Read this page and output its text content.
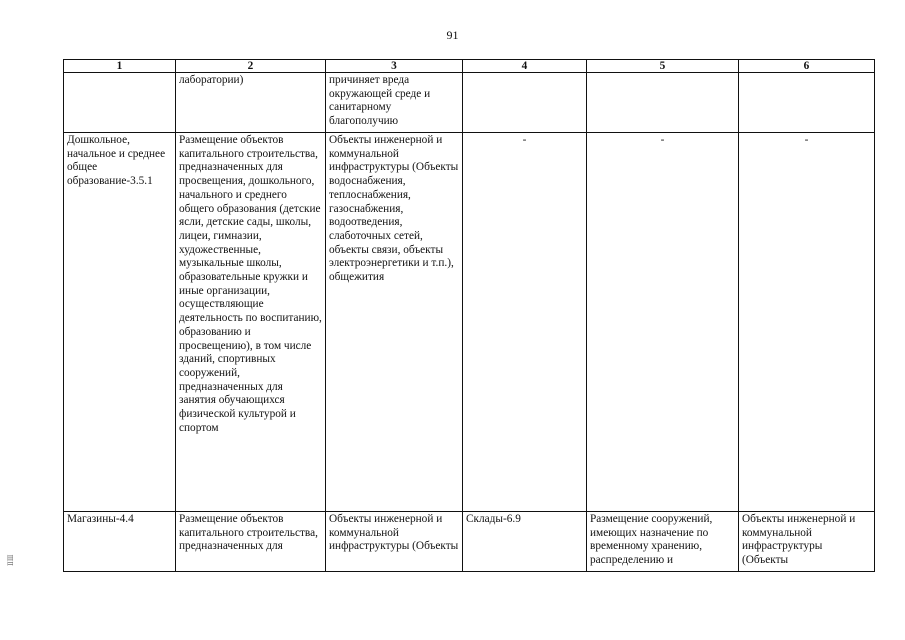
91
ⅡⅢ
1	2	3	4	5	6
	лаборатории)	причиняет вреда окружающей среде и санитарному благополучию			
Дошкольное, начальное и среднее общее образование-3.5.1	Размещение объектов капитального строительства, предназначенных для просвещения, дошкольного, начального и среднего общего образования (детские ясли, детские сады, школы, лицеи, гимназии, художественные, музыкальные школы, образовательные кружки и иные организации, осуществляющие деятельность по воспитанию, образованию и просвещению), в том числе зданий, спортивных сооружений, предназначенных для занятия обучающихся физической культурой и спортом	Объекты инженерной и коммунальной инфраструктуры (Объекты водоснабжения, теплоснабжения, газоснабжения, водоотведения, слаботочных сетей, объекты связи, объекты электроэнергетики и т.п.), общежития	-	-	-

Магазины-4.4	Размещение объектов капитального строительства, предназначенных для	Объекты инженерной и коммунальной инфраструктуры (Объекты	Склады-6.9	Размещение сооружений, имеющих назначение по временному хранению, распределению и	Объекты инженерной и коммунальной инфраструктуры (Объекты
